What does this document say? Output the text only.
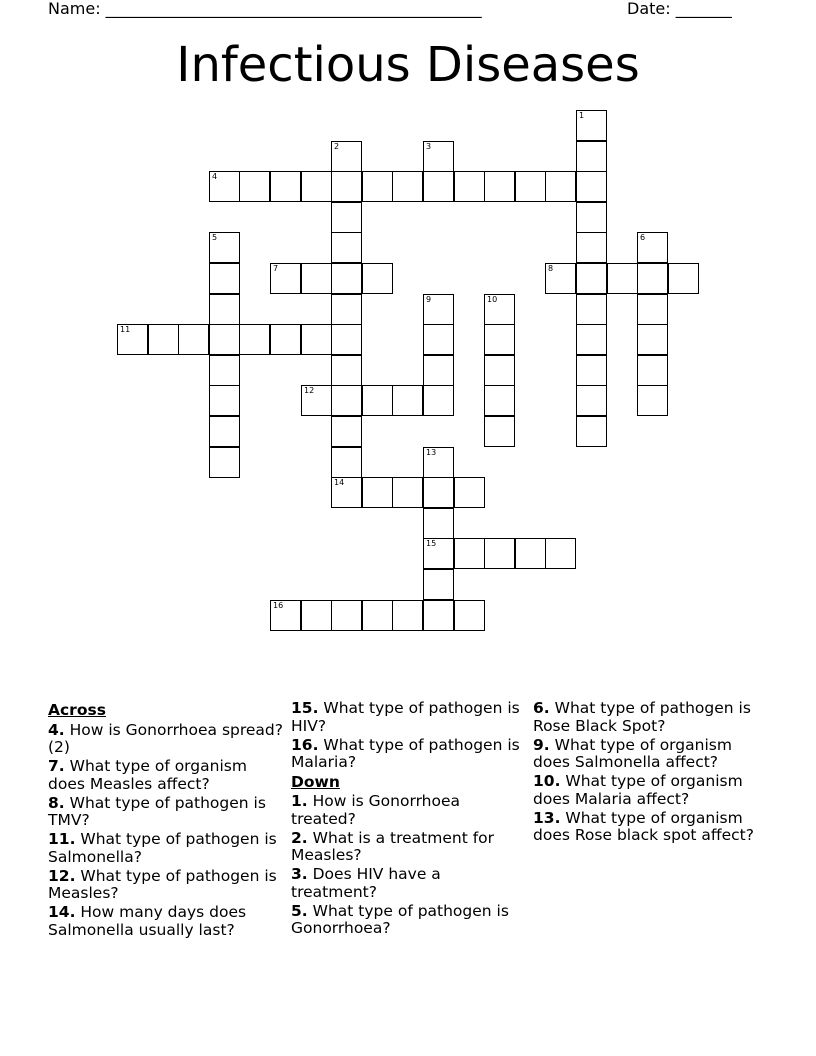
Name: _______________________________________________	Date: _______
Infectious Diseases
1
2	3
4
5	6
7	8
9	10
11
12
13
15
14
16
Across
4. How is Gonorrhoea spread? (2)
7. What type of organism does Measles affect?
8. What type of pathogen is TMV?
11. What type of pathogen is Salmonella?
12. What type of pathogen is Measles?
14. How many days does Salmonella usually last?
15. What type of pathogen is HIV?
16. What type of pathogen is Malaria?
Down
1. How is Gonorrhoea treated?
2. What is a treatment for Measles?
3. Does HIV have a treatment?
5. What type of pathogen is Gonorrhoea?
6. What type of pathogen is Rose Black Spot?
9. What type of organism does Salmonella affect?
10. What type of organism does Malaria affect?
13. What type of organism does Rose black spot affect?
